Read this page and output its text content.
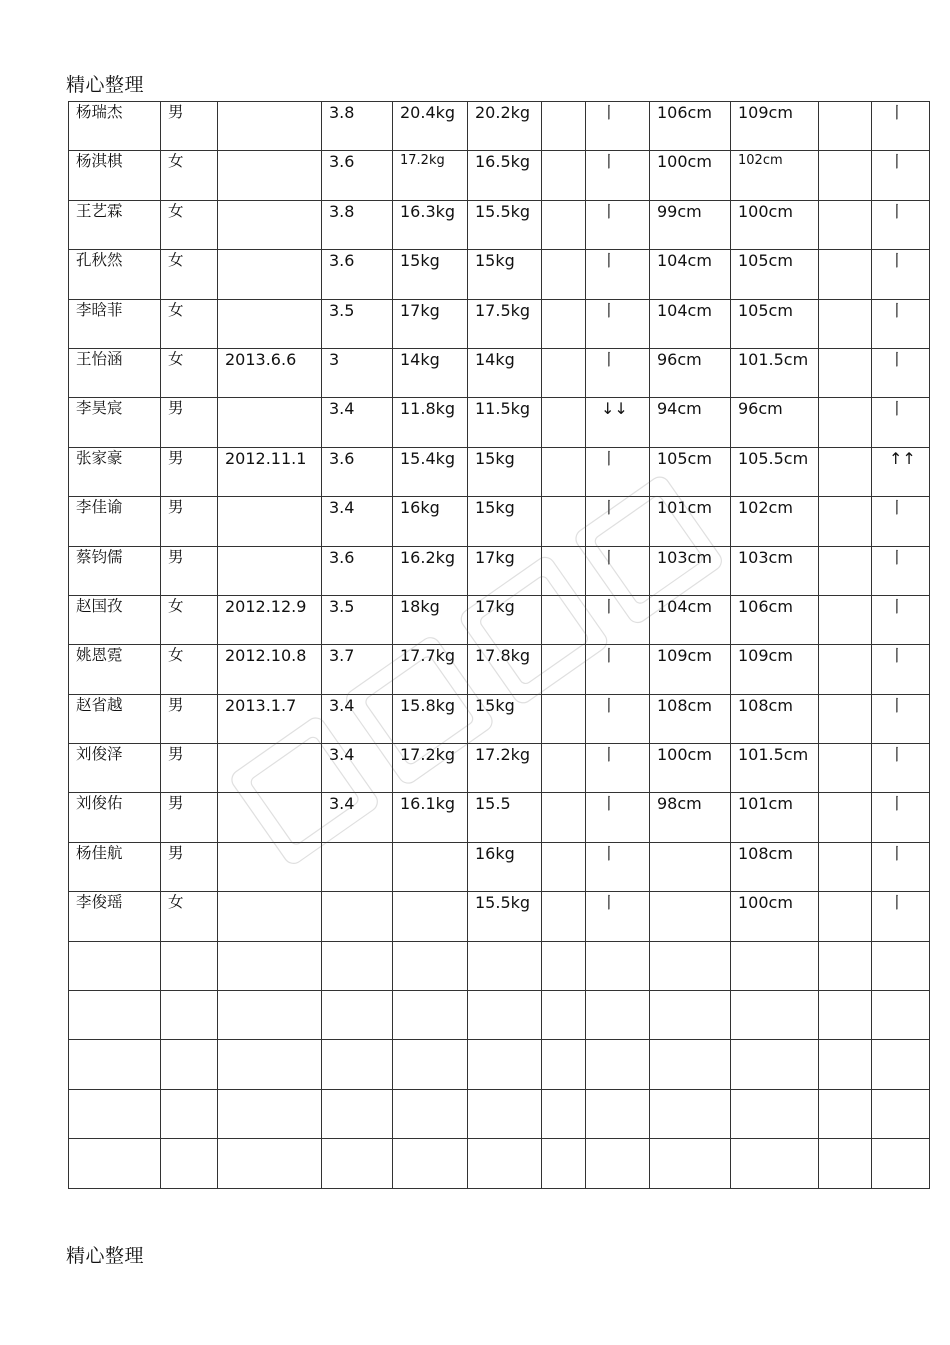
精心整理
杨瑞杰	男		3.8	20.4kg	20.2kg		丨	106cm	109cm		丨
杨淇棋	女		3.6	17.2kg	16.5kg		丨	100cm	102cm		丨
王艺霖	女		3.8	16.3kg	15.5kg		丨	99cm	100cm		丨
孔秋然	女		3.6	15kg	15kg		丨	104cm	105cm		丨
李晗菲	女		3.5	17kg	17.5kg		丨	104cm	105cm		丨
王怡涵	女	2013.6.6	3	14kg	14kg		丨	96cm	101.5cm		丨
李昊宸	男		3.4	11.8kg	11.5kg		↓↓	94cm	96cm		丨
张家豪	男	2012.11.1	3.6	15.4kg	15kg		丨	105cm	105.5cm		↑↑
李佳谕	男		3.4	16kg	15kg		丨	101cm	102cm		丨
蔡钧儒	男		3.6	16.2kg	17kg		丨	103cm	103cm		丨
赵国孜	女	2012.12.9	3.5	18kg	17kg		丨	104cm	106cm		丨
姚恩霓	女	2012.10.8	3.7	17.7kg	17.8kg		丨	109cm	109cm		丨
赵省越	男	2013.1.7	3.4	15.8kg	15kg		丨	108cm	108cm		丨
刘俊泽	男		3.4	17.2kg	17.2kg		丨	100cm	101.5cm		丨
刘俊佑	男		3.4	16.1kg	15.5		丨	98cm	101cm		丨
杨佳航	男				16kg		丨		108cm		丨
李俊瑶	女				15.5kg		丨		100cm		丨

精心整理
